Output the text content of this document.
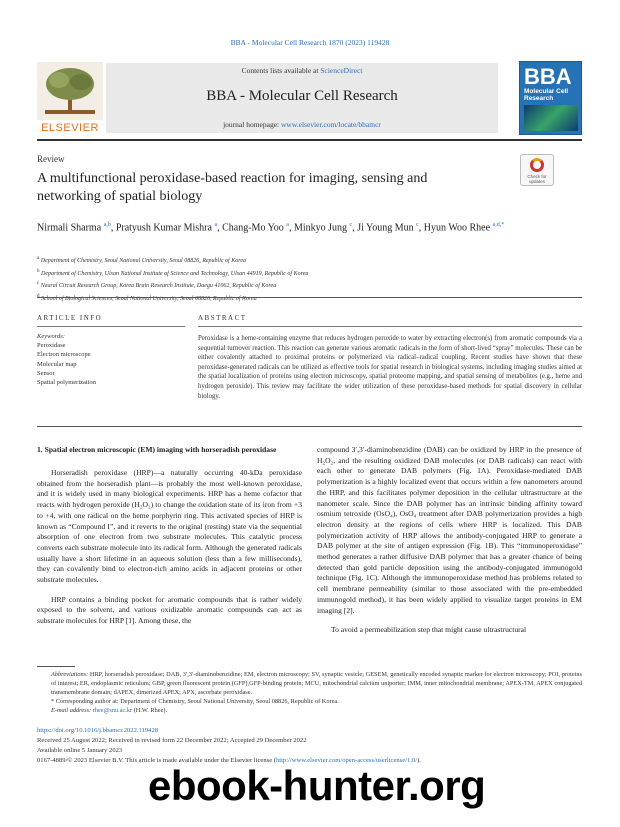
BBA - Molecular Cell Research 1870 (2023) 119428
ELSEVIER
Contents lists available at ScienceDirect
BBA - Molecular Cell Research
journal homepage: www.elsevier.com/locate/bbamcr
BBA
Molecular Cell Research
Review
A multifunctional peroxidase-based reaction for imaging, sensing and networking of spatial biology
Check for updates
Nirmali Sharma $^{a,b}$, Pratyush Kumar Mishra $^a$, Chang-Mo Yoo $^a$, Minkyo Jung $^c$, Ji Young Mun $^c$, Hyun Woo Rhee $^{a,d,*}$
$^a$ Department of Chemistry, Seoul National University, Seoul 08826, Republic of Korea
$^b$ Department of Chemistry, Ulsan National Institute of Science and Technology, Ulsan 44919, Republic of Korea
$^c$ Neural Circuit Research Group, Korea Brain Research Institute, Daegu 41062, Republic of Korea
$^d$ School of Biological Sciences, Seoul National University, Seoul 08826, Republic of Korea
ARTICLE INFO
Keywords:
Peroxidase
Electron microscope
Molecular map
Sensor
Spatial polymerization
ABSTRACT
Peroxidase is a heme-containing enzyme that reduces hydrogen peroxide to water by extracting electron(s) from aromatic compounds via a sequential turnover reaction. This reaction can generate various aromatic radicals in the form of short-lived “spray” molecules. These can be either covalently attached to proximal proteins or polymerized via radical–radical coupling. Recent studies have shown that these peroxidase-generated radicals can be utilized as effective tools for spatial research in biological systems, including imaging studies aimed at the spatial localization of proteins using electron microscopy, spatial proteome mapping, and spatial sensing of metabolites (e.g., heme and hydrogen peroxide). This review may facilitate the wider utilization of these peroxidase-based methods for spatial discovery in cellular biology.
1. Spatial electron microscopic (EM) imaging with horseradish peroxidase

Horseradish peroxidase (HRP)—a naturally occurring 40-kDa peroxidase obtained from the horseradish plant—is probably the most well-known peroxidase, and it is widely used in many biological experiments. HRP has a heme cofactor that reacts with hydrogen peroxide (H₂O₂) to change the oxidation state of its iron from +3 to +4, with one radical on the heme porphyrin ring. This activated species of HRP is known as “Compound I”, and it reverts to the original (resting) state via the sequential absorption of one electron from two substrate molecules. This catalytic process converts each substrate molecule into its radical form. Although the generated radicals usually have a short lifetime in an aqueous solution (less than a few milliseconds), they can covalently bind to electron-rich amino acids in adjacent proteins or other substrate molecules.

HRP contains a binding pocket for aromatic compounds that is rather widely exposed to the solvent, and various oxidizable aromatic compounds can act as substrate molecules for HRP [1]. Among these, the

compound 3′,3′-diaminobenzidine (DAB) can be oxidized by HRP in the presence of H₂O₂, and the resulting oxidized DAB molecules (or DAB radicals) can react with each other to generate DAB polymers (Fig. 1A). Peroxidase-mediated DAB polymerization is a highly localized event that occurs within a few nanometers around the HRP, and this facilitates polymer deposition in the cellular ultrastructure at the nanometer scale. Since the DAB polymer has an intrinsic binding affinity toward osmium tetroxide (OsO₄), OsO₄ treatment after DAB polymerization provides a high electron density at the regions of cells where HRP is localized. This DAB polymerization activity of HRP allows the antibody-conjugated HRP to generate a DAB polymer at the site of antigen expression (Fig. 1B). This “immunoperoxidase” method generates a rather diffusive DAB polymer that has a greater chance of being detected than gold particle deposition using the antibody-conjugated immunogold technique (Fig. 1C). Although the immunoperoxidase method has problems related to cell membrane permeability (similar to those associated with the pre-embedded immunogold method), it has been widely applied to visualize target proteins in EM imaging [2].

To avoid a permeabilization step that might cause ultrastructural

Abbreviations: HRP, horseradish peroxidase; DAB, 3′,3′-diaminobenzidine; EM, electron microscopy; SV, synaptic vesicle; GESEM, genetically encoded synaptic marker for electron microscopy; POI, proteins of interest; ER, endoplasmic reticulum; GBP, green fluorescent protein (GFP),GFP-binding protein; MCU, mitochondrial calcium uniporter; IMM, inner mitochondrial membrane; APEX-TM, APEX conjugated transmembrane domain; dAPEX, dimerized APEX; APX, ascorbate peroxidase.
* Corresponding author at: Department of Chemistry, Seoul National University, Seoul 08826, Republic of Korea.
E-mail address: rhee@snu.ac.kr (H.W. Rhee).
https://doi.org/10.1016/j.bbamcr.2022.119428
Received 25 August 2022; Received in revised form 22 December 2022; Accepted 29 December 2022
Available online 5 January 2023
0167-4889/© 2023 Elsevier B.V. This article is made available under the Elsevier license (http://www.elsevier.com/open-access/userlicense/1.0/).
ebook-hunter.org
